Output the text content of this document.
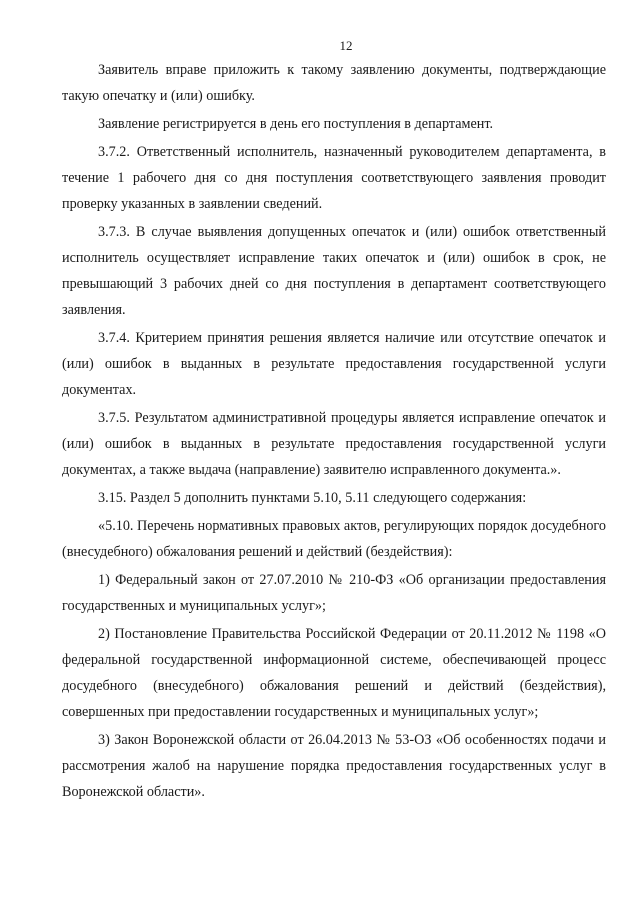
12

Заявитель вправе приложить к такому заявлению документы, подтверждающие такую опечатку и (или) ошибку.

Заявление регистрируется в день его поступления в департамент.

3.7.2. Ответственный исполнитель, назначенный руководителем департамента, в течение 1 рабочего дня со дня поступления соответствующего заявления проводит проверку указанных в заявлении сведений.

3.7.3. В случае выявления допущенных опечаток и (или) ошибок ответственный исполнитель осуществляет исправление таких опечаток и (или) ошибок в срок, не превышающий 3 рабочих дней со дня поступления в департамент соответствующего заявления.

3.7.4. Критерием принятия решения является наличие или отсутствие опечаток и (или) ошибок в выданных в результате предоставления государственной услуги документах.

3.7.5. Результатом административной процедуры является исправление опечаток и (или) ошибок в выданных в результате предоставления государственной услуги документах, а также выдача (направление) заявителю исправленного документа.».

3.15. Раздел 5 дополнить пунктами 5.10, 5.11 следующего содержания:

«5.10. Перечень нормативных правовых актов, регулирующих порядок досудебного (внесудебного) обжалования решений и действий (бездействия):

1) Федеральный закон от 27.07.2010 № 210-ФЗ «Об организации предоставления государственных и муниципальных услуг»;

2) Постановление Правительства Российской Федерации от 20.11.2012 № 1198 «О федеральной государственной информационной системе, обеспечивающей процесс досудебного (внесудебного) обжалования решений и действий (бездействия), совершенных при предоставлении государственных и муниципальных услуг»;

3) Закон Воронежской области от 26.04.2013 № 53-ОЗ «Об особенностях подачи и рассмотрения жалоб на нарушение порядка предоставления государственных услуг в Воронежской области».
